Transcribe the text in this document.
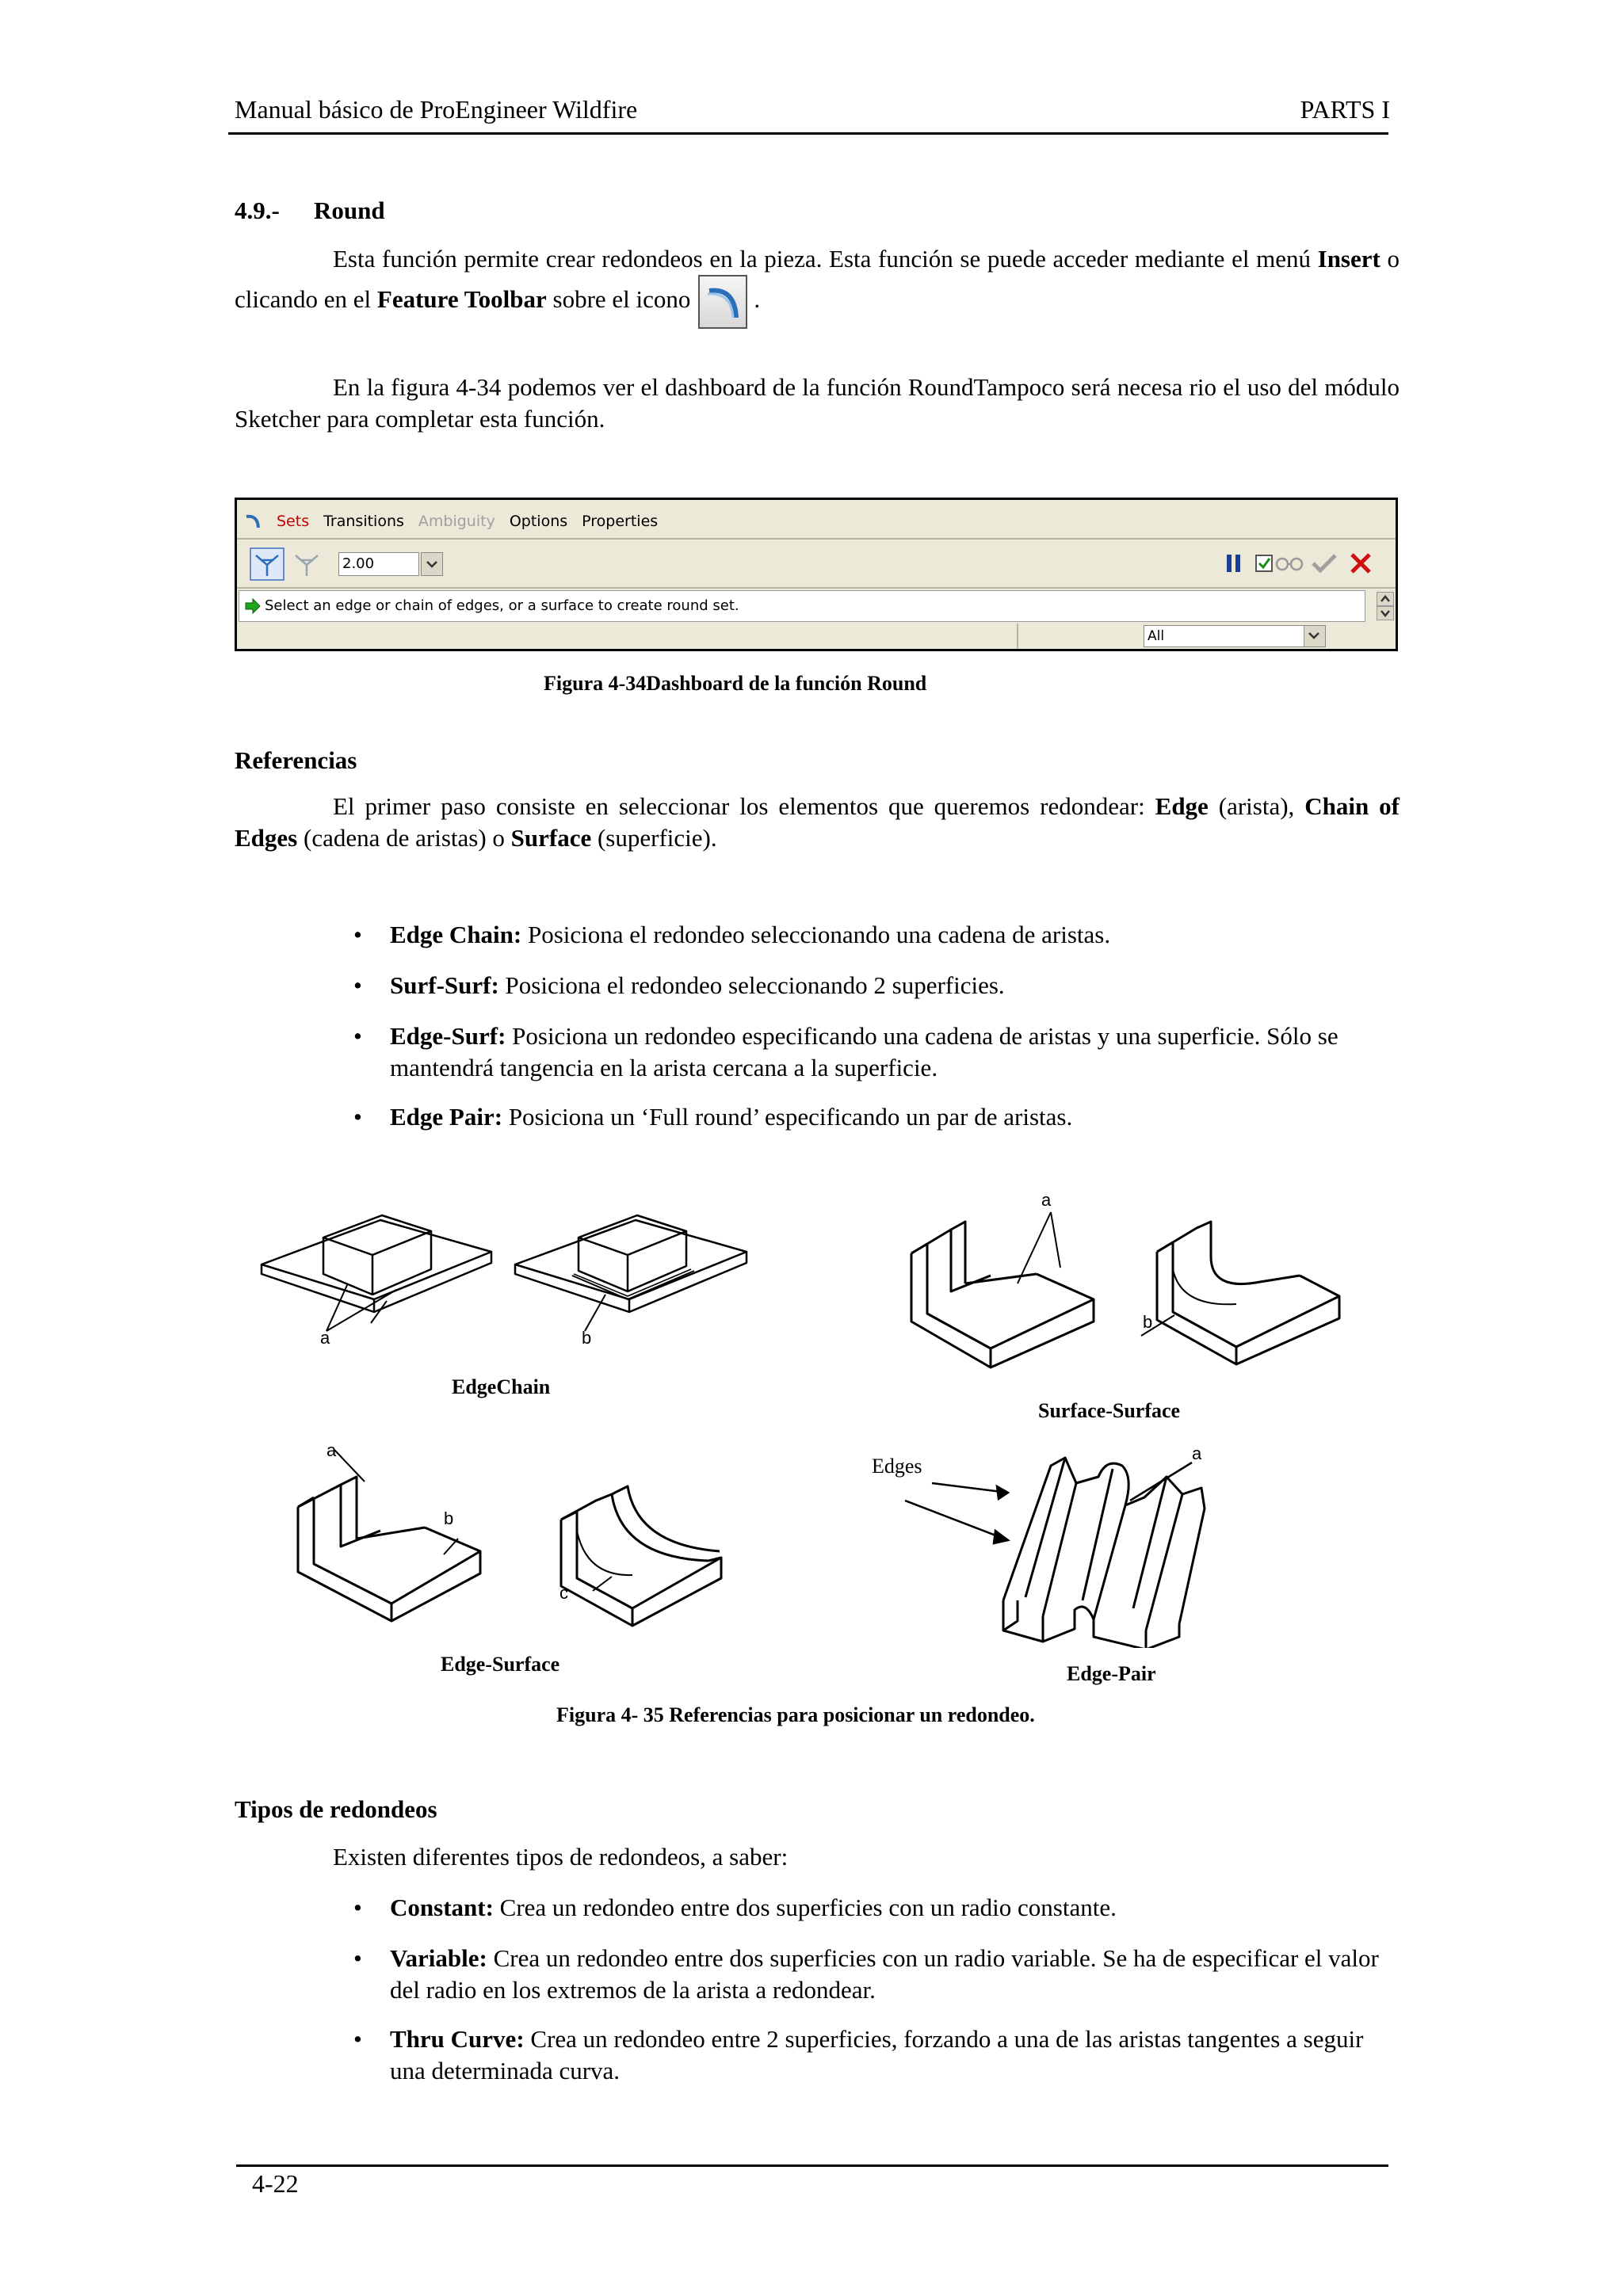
Manual básico de ProEngineer Wildfire	PARTS I
4.9.- Round
Esta función permite crear redondeos en la pieza. Esta función se puede acceder mediante el menú Insert o clicando en el Feature Toolbar sobre el icono	.
En la figura 4-34 podemos ver el dashboard de la función RoundTampoco será necesa rio el uso del módulo Sketcher para completar esta función.
Sets Transitions Ambiguity Options Properties
2.00
Select an edge or chain of edges, or a surface to create round set.
All
Figura 4-34Dashboard de la función Round
Referencias
El primer paso consiste en seleccionar los elementos que queremos redondear: Edge (arista), Chain of Edges (cadena de aristas) o Surface (superficie).
• Edge Chain: Posiciona el redondeo seleccionando una cadena de aristas.
• Surf-Surf: Posiciona el redondeo seleccionando 2 superficies.
• Edge-Surf: Posiciona un redondeo especificando una cadena de aristas y una superficie. Sólo se mantendrá tangencia en la arista cercana a la superficie.
• Edge Pair: Posiciona un ‘Full round’ especificando un par de aristas.
a	b
a
b
EdgeChain
Surface-Surface
a
b
c
Edges
a
Edge-Surface	Edge-Pair
Figura 4- 35 Referencias para posicionar un redondeo.
Tipos de redondeos
Existen diferentes tipos de redondeos, a saber:
• Constant: Crea un redondeo entre dos superficies con un radio constante.
• Variable: Crea un redondeo entre dos superficies con un radio variable. Se ha de especificar el valor del radio en los extremos de la arista a redondear.
• Thru Curve: Crea un redondeo entre 2 superficies, forzando a una de las aristas tangentes a seguir una determinada curva.
4-22
